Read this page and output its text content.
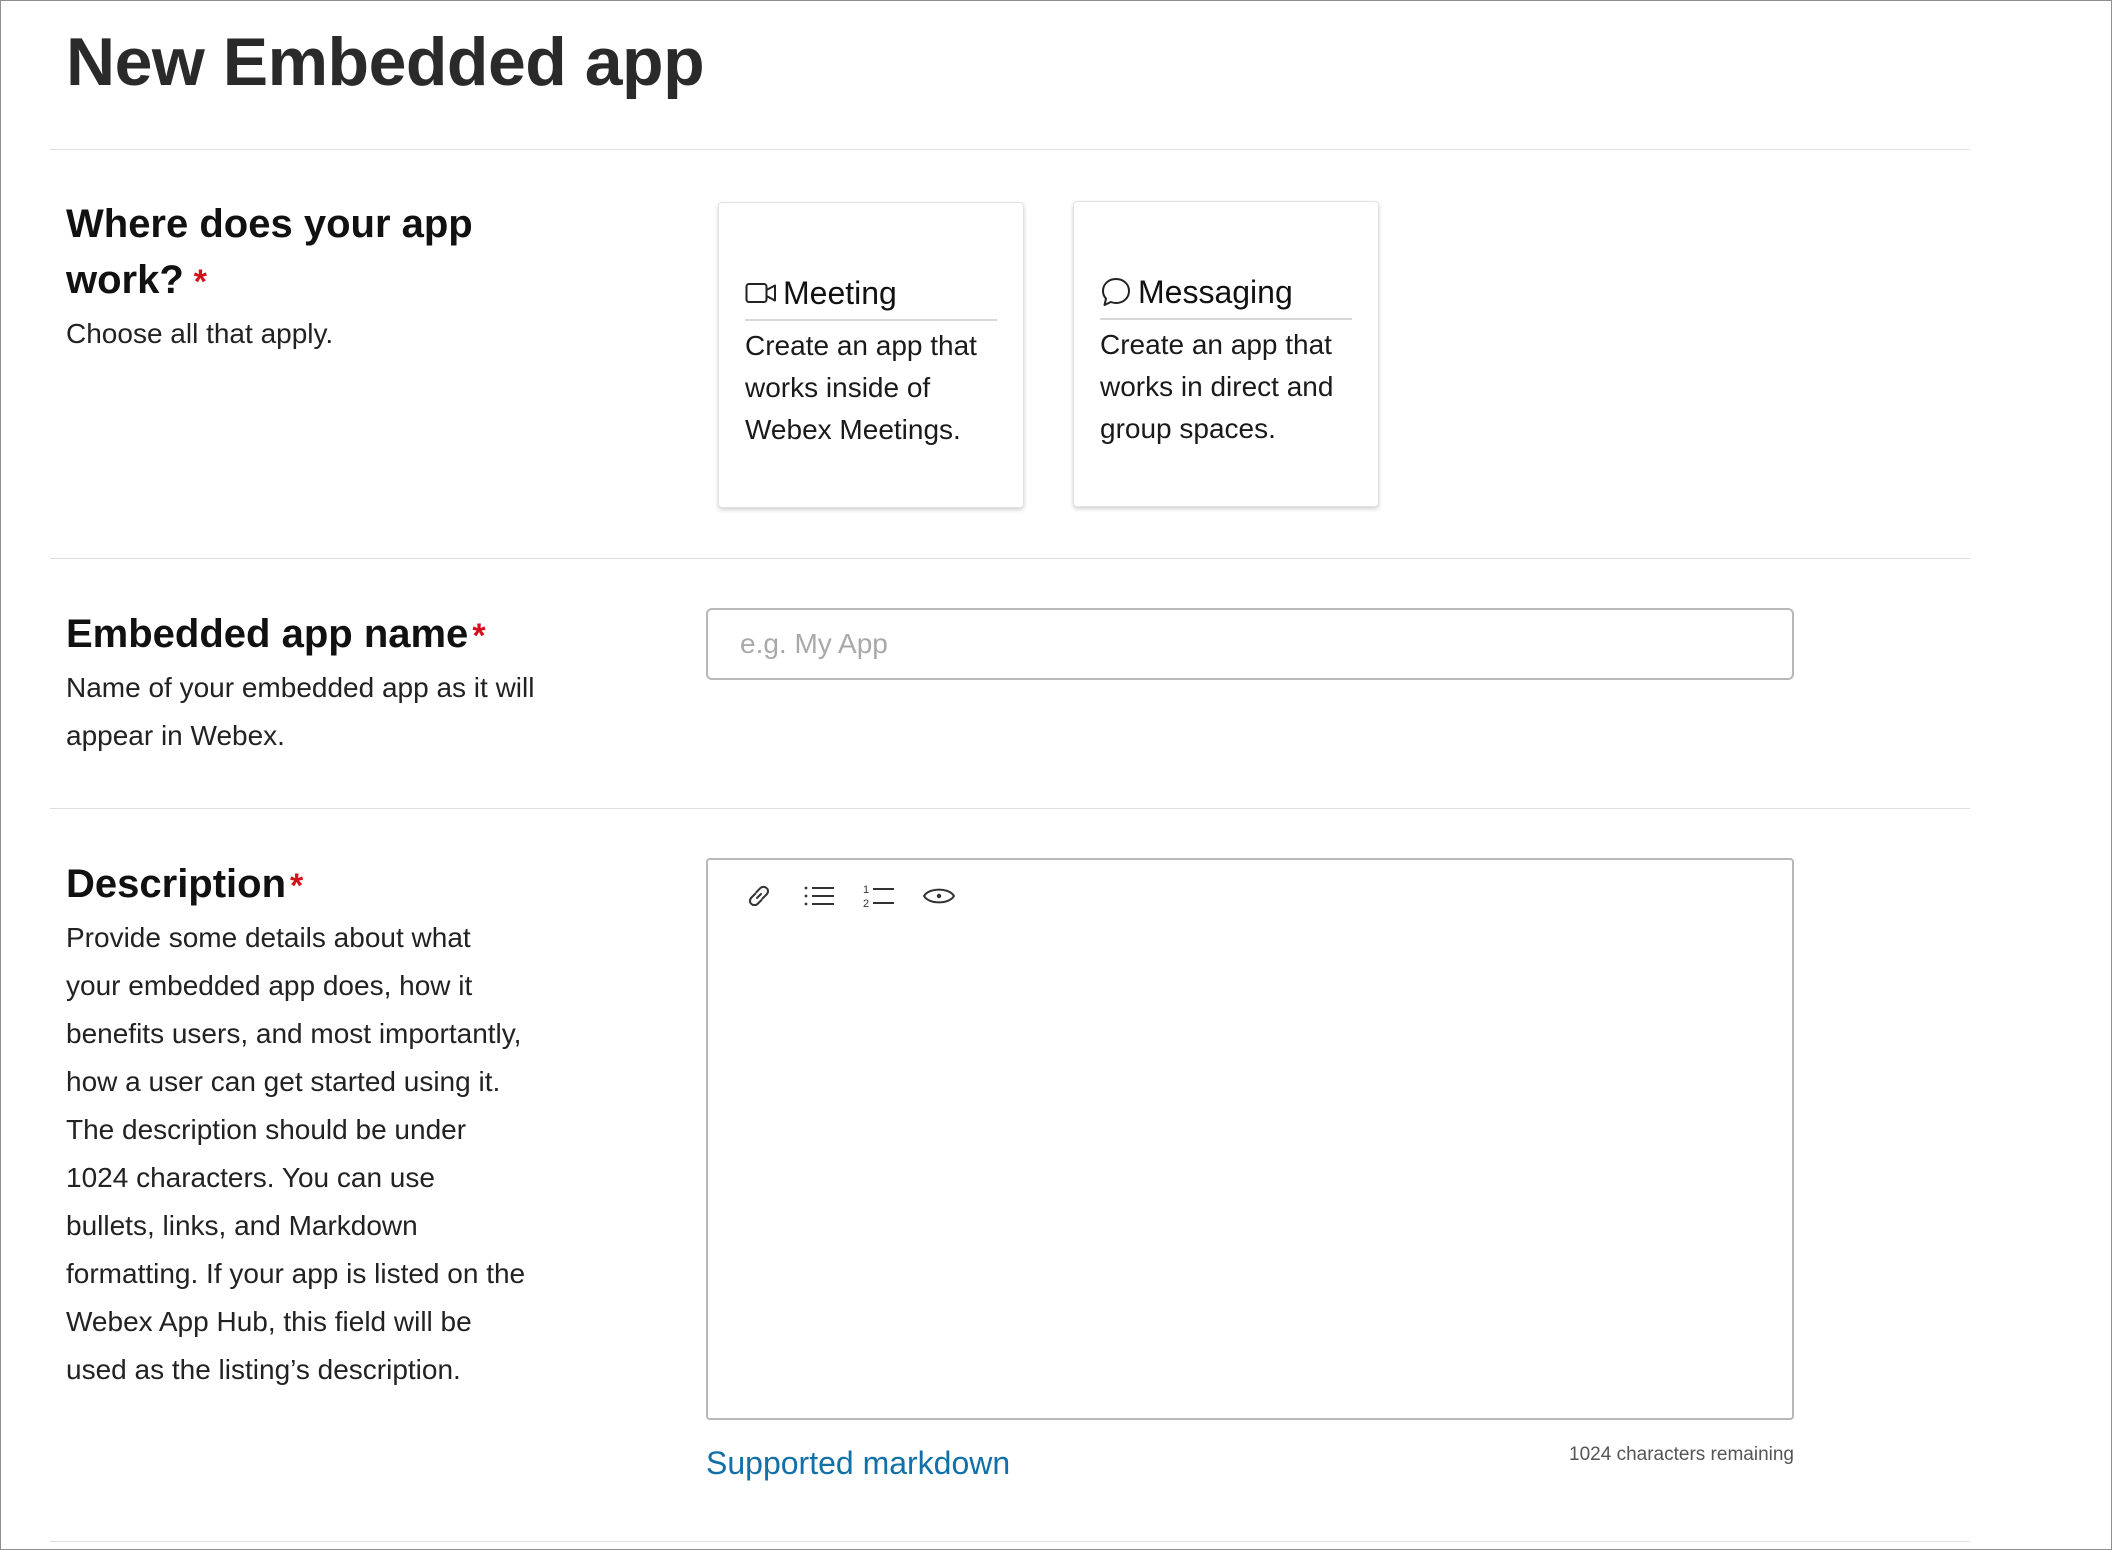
New Embedded app
Where does your app work? *
Choose all that apply.
Meeting
Create an app that works inside of Webex Meetings.
Messaging
Create an app that works in direct and group spaces.
Embedded app name *
Name of your embedded app as it will appear in Webex.
e.g. My App
Description *
Provide some details about what your embedded app does, how it benefits users, and most importantly, how a user can get started using it. The description should be under 1024 characters. You can use bullets, links, and Markdown formatting. If your app is listed on the Webex App Hub, this field will be used as the listing’s description.
1
2
Supported markdown	1024 characters remaining
